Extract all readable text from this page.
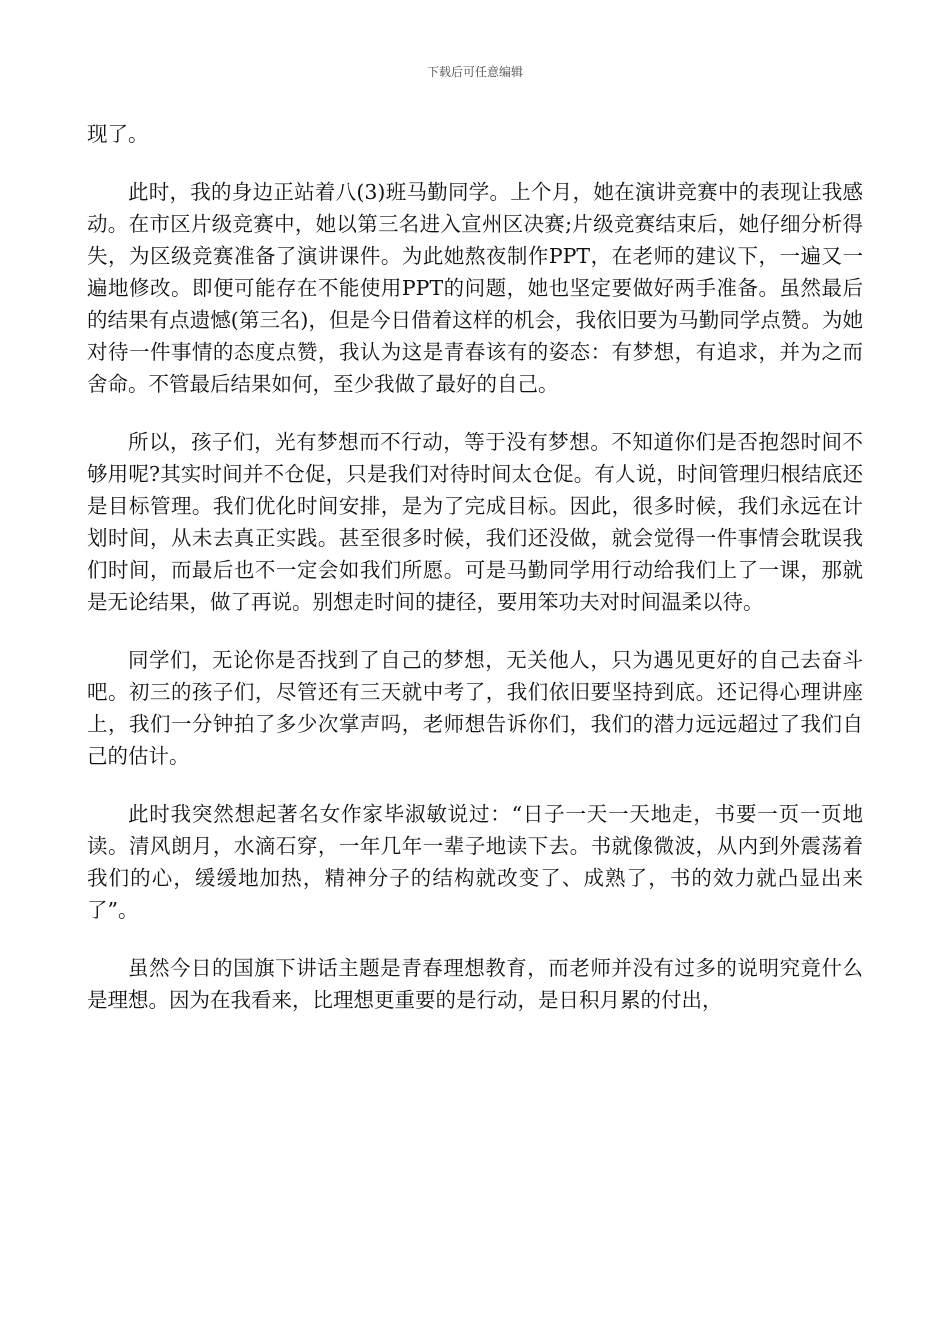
下载后可任意编辑

现了。

此时，我的身边正站着八(3)班马勤同学。上个月，她在演讲竞赛中的表现让我感动。在市区片级竞赛中，她以第三名进入宣州区决赛;片级竞赛结束后，她仔细分析得失，为区级竞赛准备了演讲课件。为此她熬夜制作PPT，在老师的建议下，一遍又一遍地修改。即便可能存在不能使用PPT的问题，她也坚定要做好两手准备。虽然最后的结果有点遗憾(第三名)，但是今日借着这样的机会，我依旧要为马勤同学点赞。为她对待一件事情的态度点赞，我认为这是青春该有的姿态：有梦想，有追求，并为之而舍命。不管最后结果如何，至少我做了最好的自己。

所以，孩子们，光有梦想而不行动，等于没有梦想。不知道你们是否抱怨时间不够用呢?其实时间并不仓促，只是我们对待时间太仓促。有人说，时间管理归根结底还是目标管理。我们优化时间安排，是为了完成目标。因此，很多时候，我们永远在计划时间，从未去真正实践。甚至很多时候，我们还没做，就会觉得一件事情会耽误我们时间，而最后也不一定会如我们所愿。可是马勤同学用行动给我们上了一课，那就是无论结果，做了再说。别想走时间的捷径，要用笨功夫对时间温柔以待。

同学们，无论你是否找到了自己的梦想，无关他人，只为遇见更好的自己去奋斗吧。初三的孩子们，尽管还有三天就中考了，我们依旧要坚持到底。还记得心理讲座上，我们一分钟拍了多少次掌声吗，老师想告诉你们，我们的潜力远远超过了我们自己的估计。

此时我突然想起著名女作家毕淑敏说过：“日子一天一天地走，书要一页一页地读。清风朗月，水滴石穿，一年几年一辈子地读下去。书就像微波，从内到外震荡着我们的心，缓缓地加热，精神分子的结构就改变了、成熟了，书的效力就凸显出来了”。

虽然今日的国旗下讲话主题是青春理想教育，而老师并没有过多的说明究竟什么是理想。因为在我看来，比理想更重要的是行动，是日积月累的付出，
